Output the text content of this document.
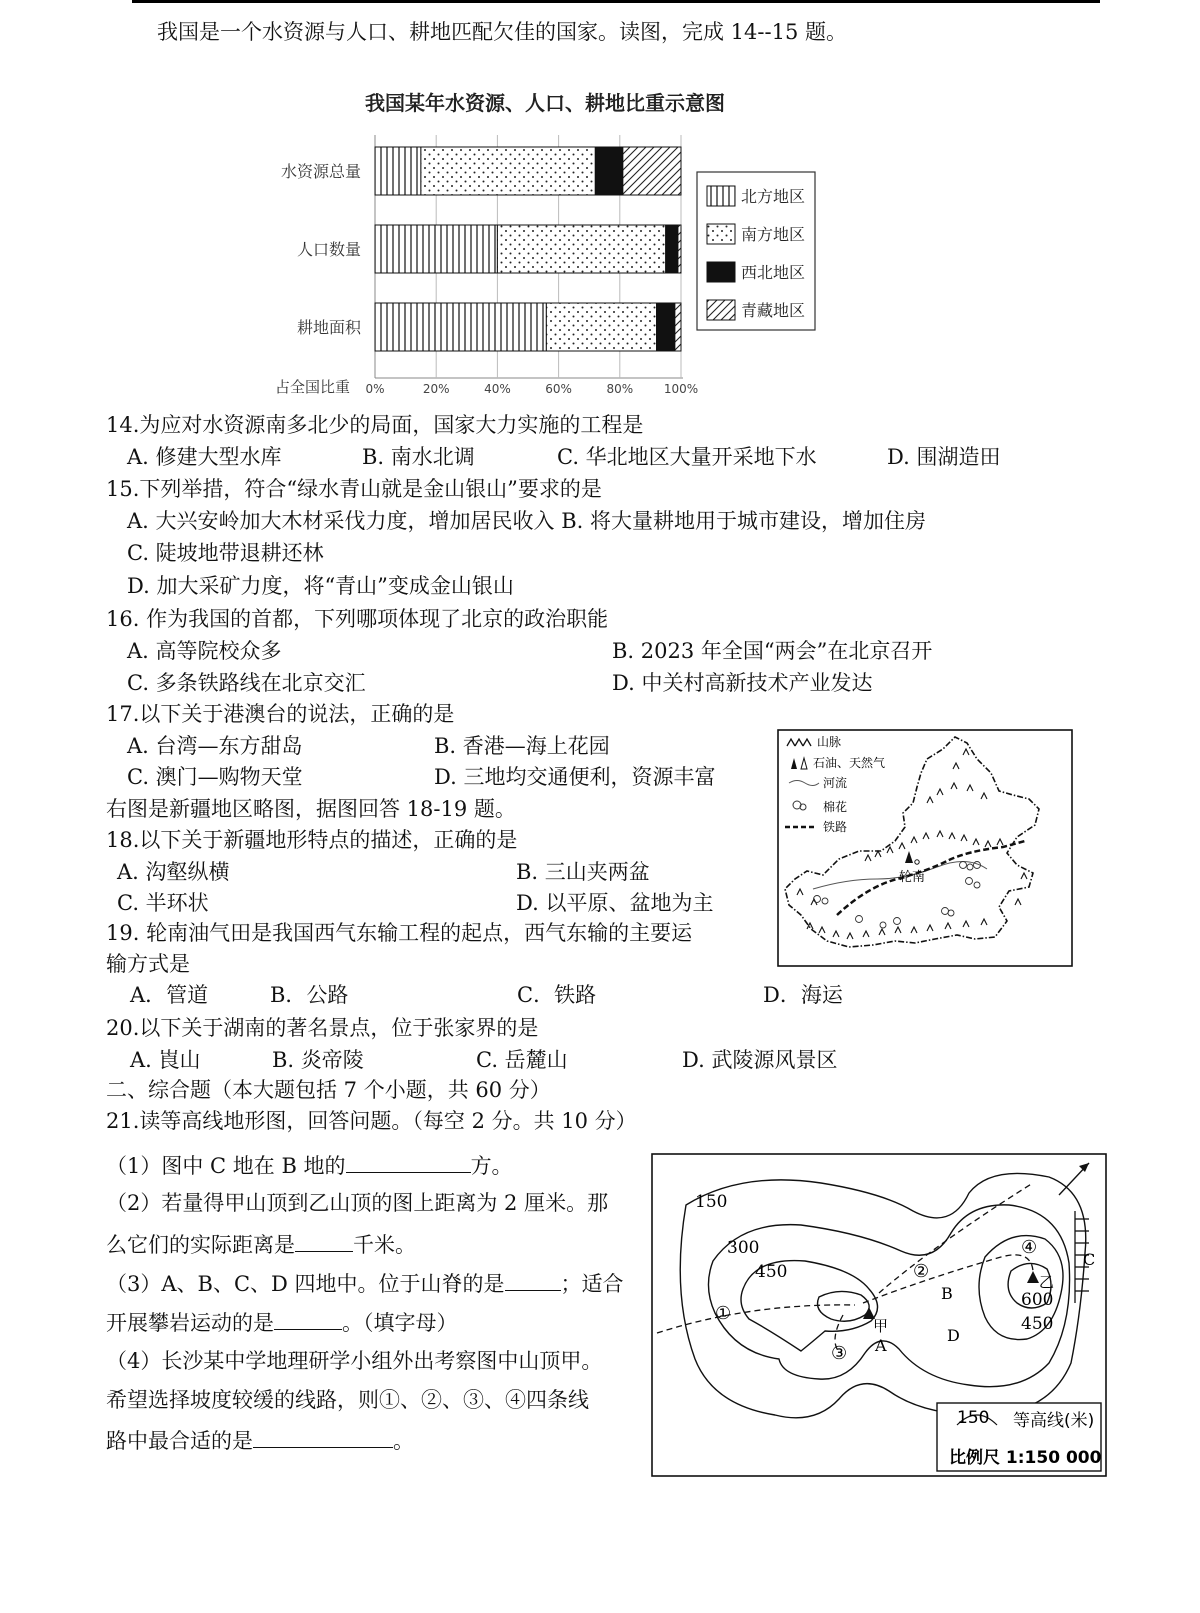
我国是一个水资源与人口、耕地匹配欠佳的国家。读图，完成 14--15 题。
我国某年水资源、人口、耕地比重示意图
水资源总量
人口数量
耕地面积
0%	20%	40%	60%	80%	100%
占全国比重
北方地区
南方地区
西北地区
青藏地区
14.为应对水资源南多北少的局面，国家大力实施的工程是
A. 修建大型水库	B. 南水北调	C. 华北地区大量开采地下水	D. 围湖造田
15.下列举措，符合“绿水青山就是金山银山”要求的是
A. 大兴安岭加大木材采伐力度，增加居民收入 B. 将大量耕地用于城市建设，增加住房
C. 陡坡地带退耕还林
D. 加大采矿力度，将“青山”变成金山银山
16. 作为我国的首都，下列哪项体现了北京的政治职能
A. 高等院校众多	B. 2023 年全国“两会”在北京召开
C. 多条铁路线在北京交汇	D. 中关村高新技术产业发达
17.以下关于港澳台的说法，正确的是
A. 台湾—东方甜岛	B. 香港—海上花园
C. 澳门—购物天堂	D. 三地均交通便利，资源丰富
右图是新疆地区略图，据图回答 18-19 题。
18.以下关于新疆地形特点的描述，正确的是
A. 沟壑纵横	B. 三山夹两盆
C. 半环状	D. 以平原、盆地为主
19. 轮南油气田是我国西气东输工程的起点，西气东输的主要运
输方式是
A．管道	B．公路	C．铁路	D．海运
20.以下关于湖南的著名景点，位于张家界的是
A. 崀山	B. 炎帝陵	C. 岳麓山	D. 武陵源风景区
二、综合题（本大题包括 7 个小题，共 60 分）
21.读等高线地形图，回答问题。（每空 2 分。共 10 分）
（1）图中 C 地在 B 地的	方。
（2）若量得甲山顶到乙山顶的图上距离为 2 厘米。那
么它们的实际距离是	千米。
（3）A、B、C、D 四地中。位于山脊的是	；适合
开展攀岩运动的是	。（填字母）
（4）长沙某中学地理研学小组外出考察图中山顶甲。
希望选择坡度较缓的线路，则①、②、③、④四条线
路中最合适的是	。
山脉
石油、天然气
河流
棉花
铁路
轮南
150
300
450
600
450
A
B
C
D
甲
乙
①
②
③
④
150 等高线(米)
比例尺 1:150 000
